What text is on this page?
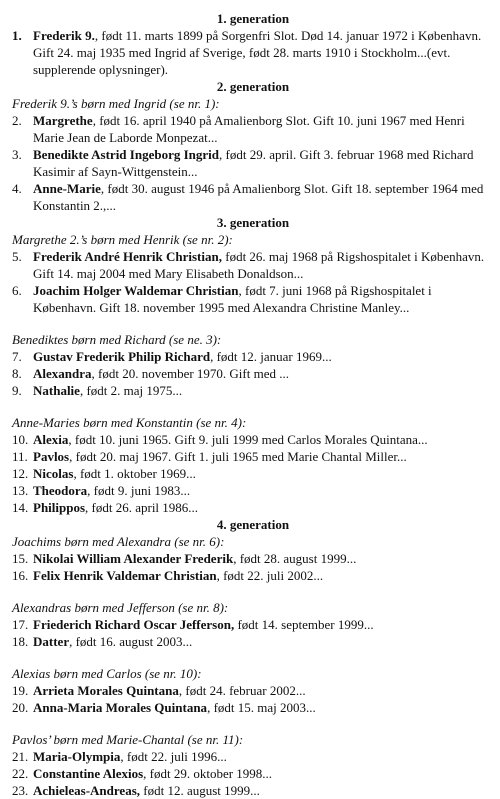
1. generation

1. Frederik 9., født 11. marts 1899 på Sorgenfri Slot. Død 14. januar 1972 i København. Gift 24. maj 1935 med Ingrid af Sverige, født 28. marts 1910 i Stockholm...(evt. supplerende oplysninger).

2. generation

Frederik 9.’s børn med Ingrid (se nr. 1):

2. Margrethe, født 16. april 1940 på Amalienborg Slot. Gift 10. juni 1967 med Henri Marie Jean de Laborde Monpezat...
3. Benedikte Astrid Ingeborg Ingrid, født 29. april. Gift 3. februar 1968 med Richard Kasimir af Sayn-Wittgenstein...
4. Anne-Marie, født 30. august 1946 på Amalienborg Slot. Gift 18. september 1964 med Konstantin 2.,...

3. generation

Margrethe 2.’s børn med Henrik (se nr. 2):

5. Frederik André Henrik Christian, født 26. maj 1968 på Rigshospitalet i København. Gift 14. maj 2004 med Mary Elisabeth Donaldson...
6. Joachim Holger Waldemar Christian, født 7. juni 1968 på Rigshospitalet i København. Gift 18. november 1995 med Alexandra Christine Manley...

Benediktes børn med Richard (se ne. 3):

7. Gustav Frederik Philip Richard, født 12. januar 1969...
8. Alexandra, født 20. november 1970. Gift med ...
9. Nathalie, født 2. maj 1975...

Anne-Maries børn med Konstantin (se nr. 4):

10. Alexia, født 10. juni 1965. Gift 9. juli 1999 med Carlos Morales Quintana...
11. Pavlos, født 20. maj 1967. Gift 1. juli 1965 med Marie Chantal Miller...
12. Nicolas, født 1. oktober 1969...
13. Theodora, født 9. juni 1983...
14. Philippos, født 26. april 1986...

4. generation

Joachims børn med Alexandra (se nr. 6):

15. Nikolai William Alexander Frederik, født 28. august 1999...
16. Felix Henrik Valdemar Christian, født 22. juli 2002...

Alexandras børn med Jefferson (se nr. 8):

17. Friederich Richard Oscar Jefferson, født 14. september 1999...
18. Datter, født 16. august 2003...

Alexias børn med Carlos (se nr. 10):

19. Arrieta Morales Quintana, født 24. februar 2002...
20. Anna-Maria Morales Quintana, født 15. maj 2003...

Pavlos’ børn med Marie-Chantal (se nr. 11):

21. Maria-Olympia, født 22. juli 1996...
22. Constantine Alexios, født 29. oktober 1998...
23. Achieleas-Andreas, født 12. august 1999...
